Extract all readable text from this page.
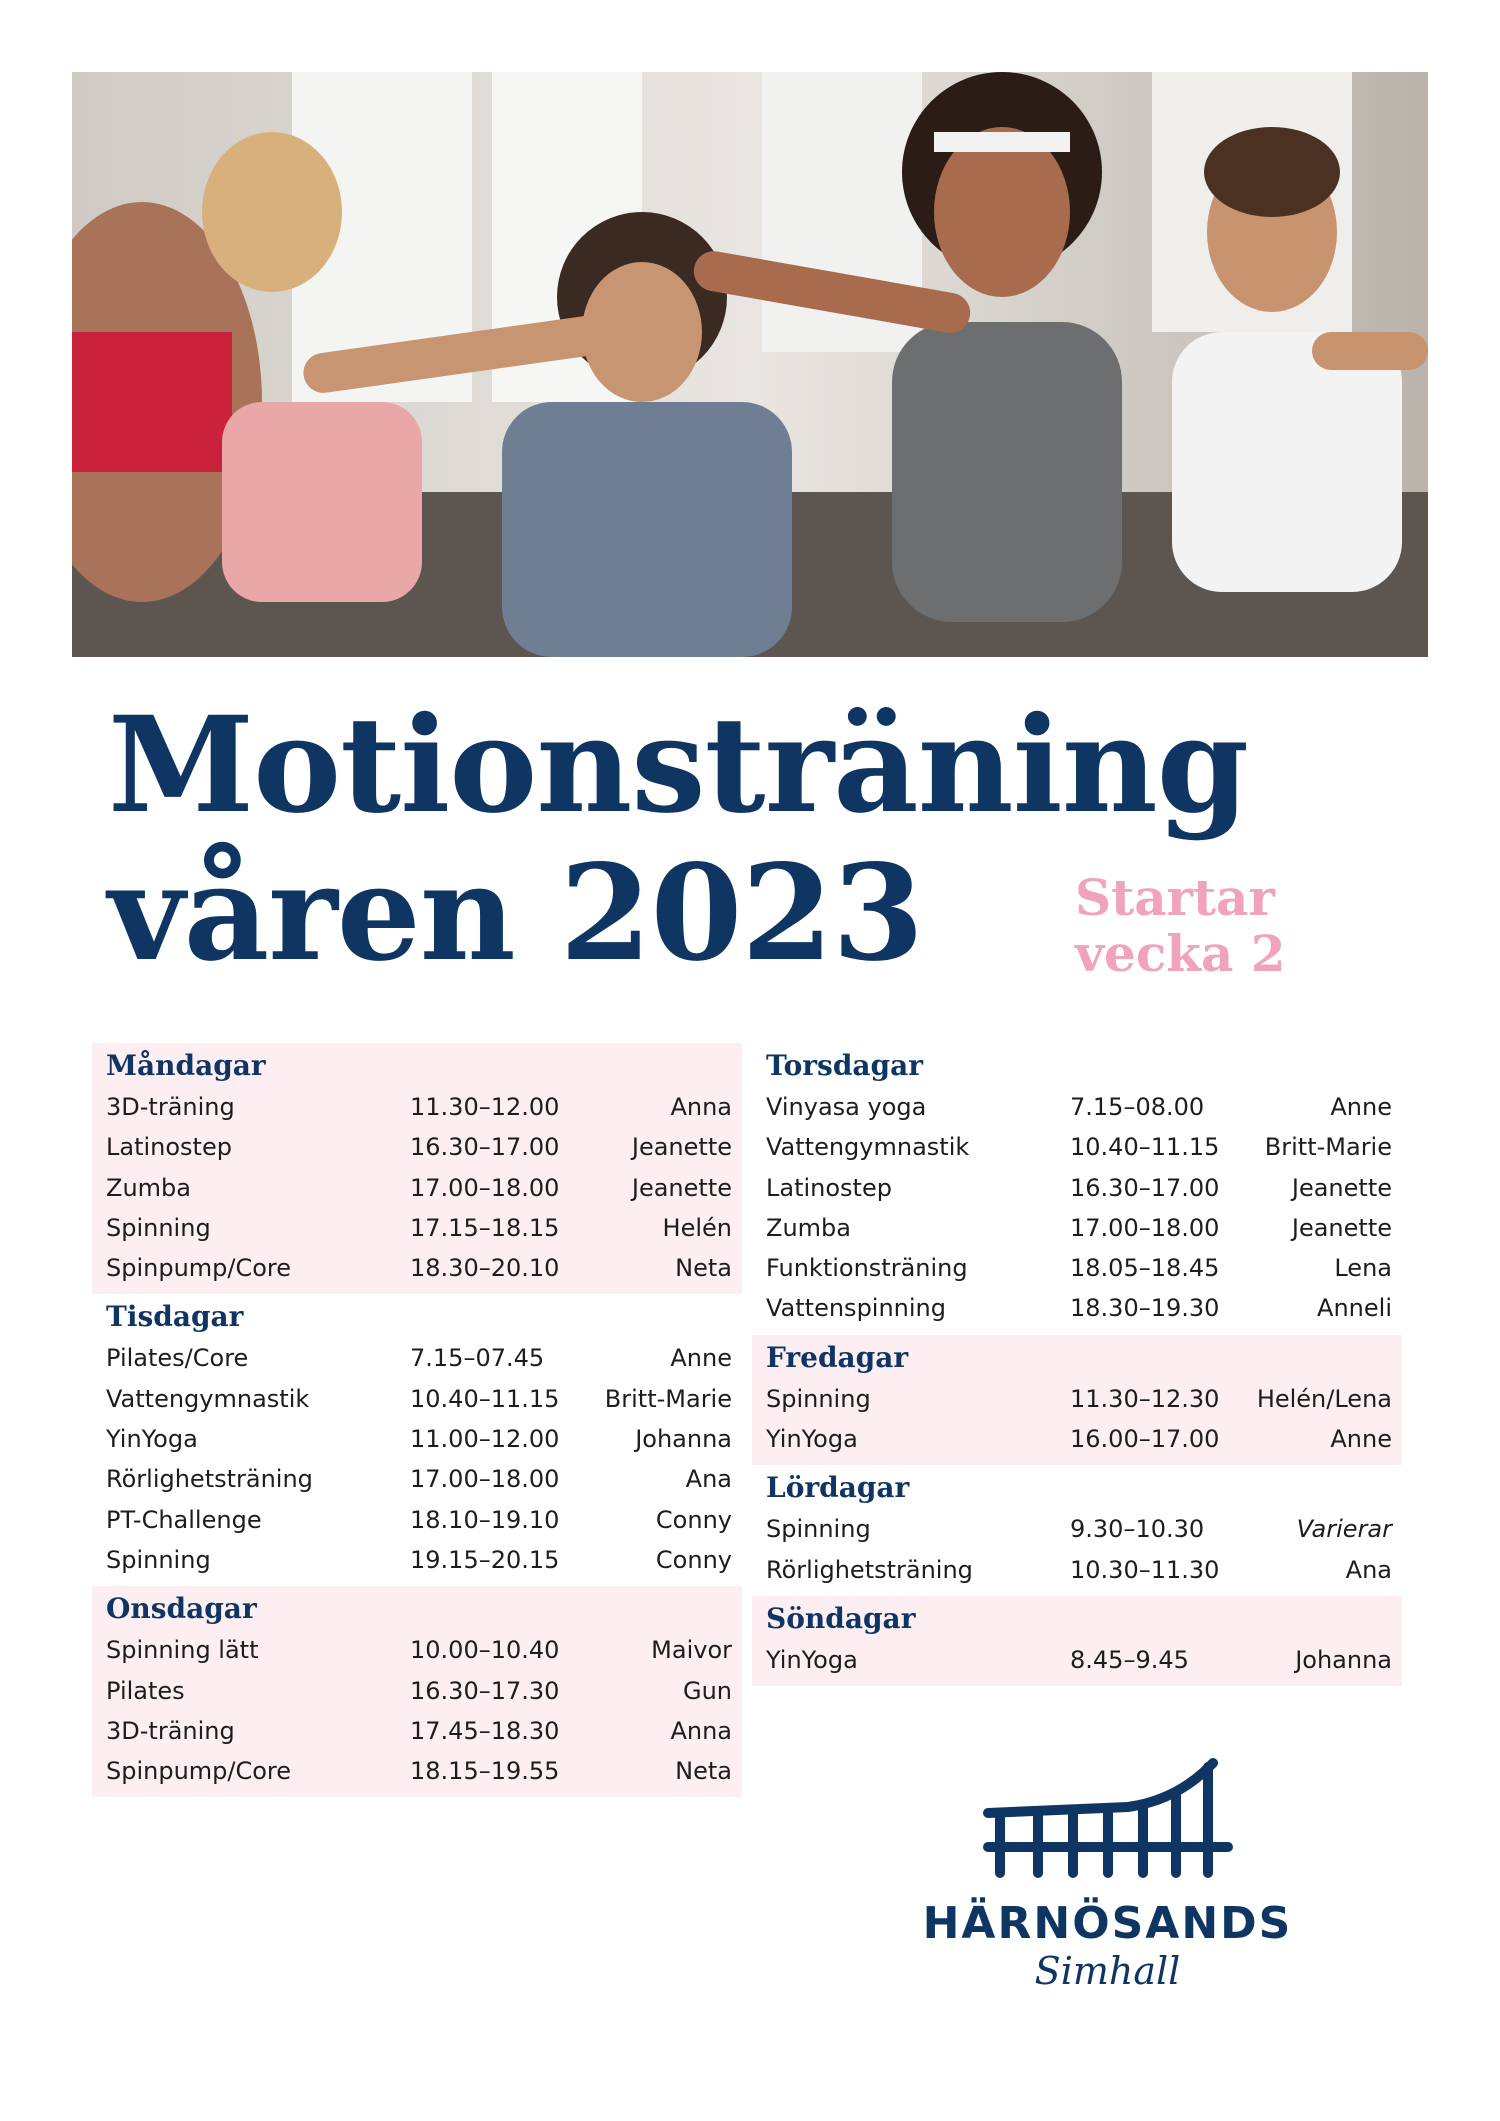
Motionsträning
våren 2023	Startar
vecka 2
Måndagar
3D-träning	11.30–12.00	Anna
Latinostep	16.30–17.00	Jeanette
Zumba	17.00–18.00	Jeanette
Spinning	17.15–18.15	Helén
Spinpump/Core	18.30–20.10	Neta
Tisdagar
Pilates/Core	7.15–07.45	Anne
Vattengymnastik	10.40–11.15	Britt-Marie
YinYoga	11.00–12.00	Johanna
Rörlighetsträning	17.00–18.00	Ana
PT-Challenge	18.10–19.10	Conny
Spinning	19.15–20.15	Conny
Onsdagar
Spinning lätt	10.00–10.40	Maivor
Pilates	16.30–17.30	Gun
3D-träning	17.45–18.30	Anna
Spinpump/Core	18.15–19.55	Neta
Torsdagar
Vinyasa yoga	7.15–08.00	Anne
Vattengymnastik	10.40–11.15	Britt-Marie
Latinostep	16.30–17.00	Jeanette
Zumba	17.00–18.00	Jeanette
Funktionsträning	18.05–18.45	Lena
Vattenspinning	18.30–19.30	Anneli
Fredagar
Spinning	11.30–12.30	Helén/Lena
YinYoga	16.00–17.00	Anne
Lördagar
Spinning	9.30–10.30	Varierar
Rörlighetsträning	10.30–11.30	Ana
Söndagar
YinYoga	8.45–9.45	Johanna
HÄRNÖSANDS
Simhall
